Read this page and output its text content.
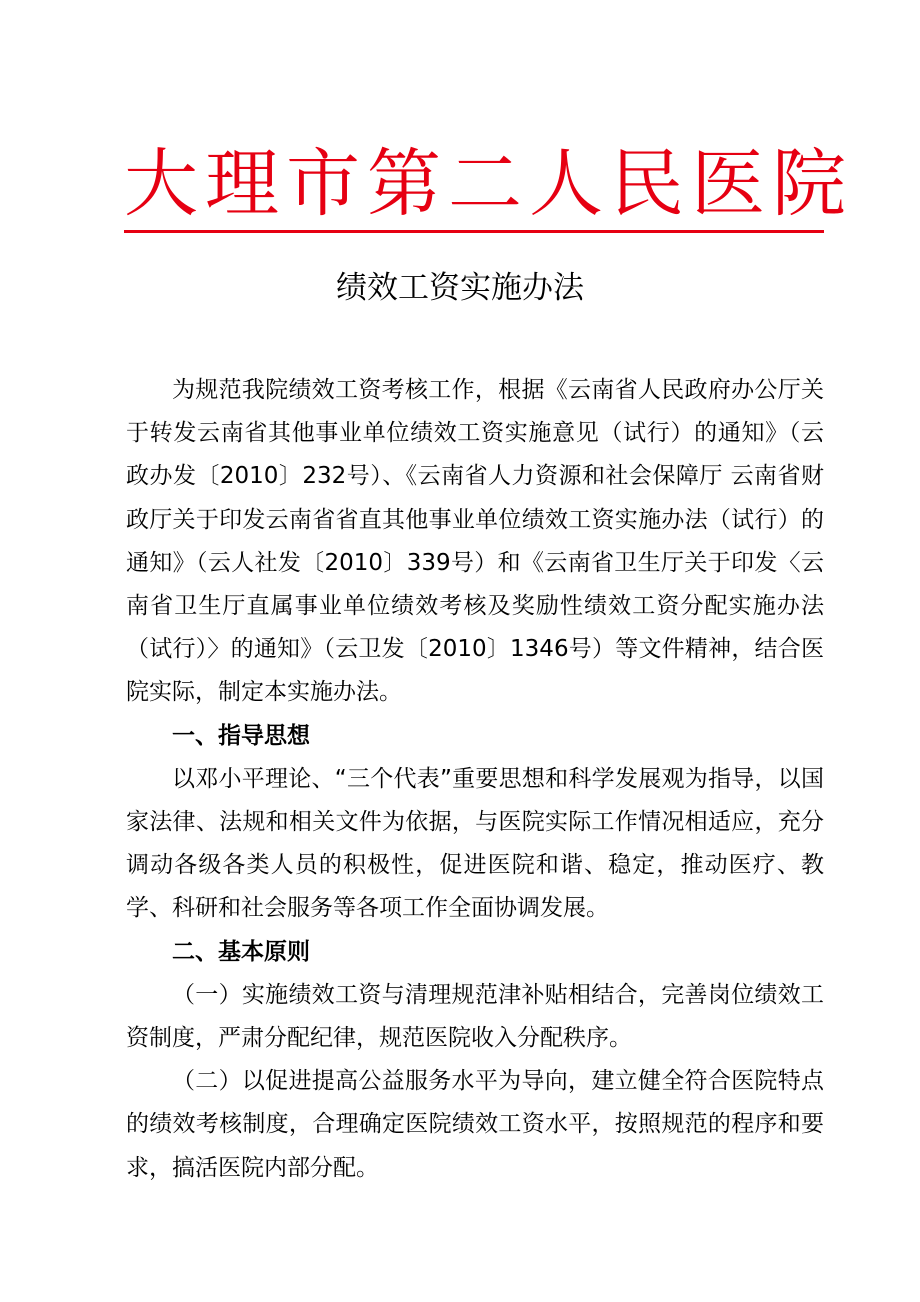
大理市第二人民医院
绩效工资实施办法

为规范我院绩效工资考核工作，根据《云南省人民政府办公厅关于转发云南省其他事业单位绩效工资实施意见（试行）的通知》（云政办发〔2010〕232号）、《云南省人力资源和社会保障厅 云南省财政厅关于印发云南省省直其他事业单位绩效工资实施办法（试行）的通知》（云人社发〔2010〕339号）和《云南省卫生厅关于印发〈云南省卫生厅直属事业单位绩效考核及奖励性绩效工资分配实施办法（试行）〉的通知》（云卫发〔2010〕1346号）等文件精神，结合医院实际，制定本实施办法。

一、指导思想

以邓小平理论、“三个代表”重要思想和科学发展观为指导，以国家法律、法规和相关文件为依据，与医院实际工作情况相适应，充分调动各级各类人员的积极性，促进医院和谐、稳定，推动医疗、教学、科研和社会服务等各项工作全面协调发展。

二、基本原则

（一）实施绩效工资与清理规范津补贴相结合，完善岗位绩效工资制度，严肃分配纪律，规范医院收入分配秩序。

（二）以促进提高公益服务水平为导向，建立健全符合医院特点的绩效考核制度，合理确定医院绩效工资水平，按照规范的程序和要求，搞活医院内部分配。
